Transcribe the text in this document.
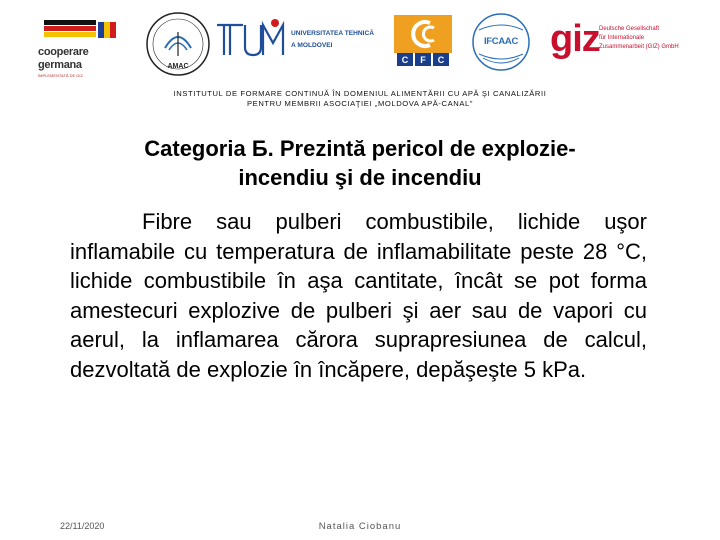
cooperare
germana
IMPLEMENTATĂ DE GIZ
AMAC
UNIVERSITATEA TEHNICĂ
A MOLDOVEI
C	F	C
IFCAAC giz Deutsche Gesellschaft
für Internationale
Zusammenarbeit (GIZ) GmbH
INSTITUTUL DE FORMARE CONTINUĂ ÎN DOMENIUL ALIMENTĂRII CU APĂ ŞI CANALIZĂRII
PENTRU MEMBRII ASOCIAŢIEI „MOLDOVA APĂ-CANAL”
Categoria Б. Prezintă pericol de explozie-
incendiu şi de incendiu
Fibre sau pulberi combustibile, lichide uşor inflamabile cu temperatura de inflamabilitate peste 28 °C, lichide combustibile în aşa cantitate, încât se pot forma amestecuri explozive de pulberi şi aer sau de vapori cu aerul, la inflamarea cărora suprapresiunea de calcul, dezvoltată de explozie în încăpere, depăşeşte 5 kPa.
22/11/2020	Natalia Ciobanu
